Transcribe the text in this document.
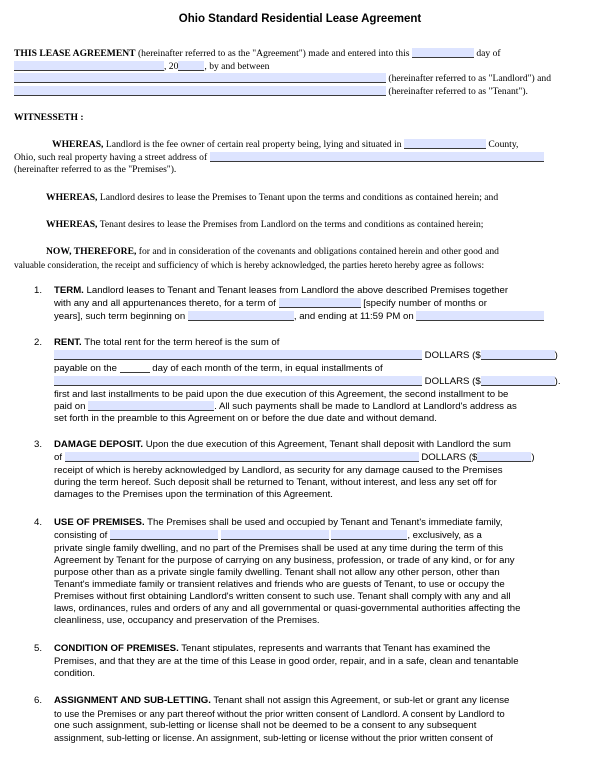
Ohio Standard Residential Lease Agreement
THIS LEASE AGREEMENT (hereinafter referred to as the "Agreement") made and entered into this	day of
, 20	, by and between
(hereinafter referred to as "Landlord") and
(hereinafter referred to as "Tenant").
WITNESSETH :
WHEREAS, Landlord is the fee owner of certain real property being, lying and situated in	County,
Ohio, such real property having a street address of
(hereinafter referred to as the "Premises").
WHEREAS, Landlord desires to lease the Premises to Tenant upon the terms and conditions as contained herein; and
WHEREAS, Tenant desires to lease the Premises from Landlord on the terms and conditions as contained herein;
NOW, THEREFORE, for and in consideration of the covenants and obligations contained herein and other good and
valuable consideration, the receipt and sufficiency of which is hereby acknowledged, the parties hereto hereby agree as follows:
1. TERM. Landlord leases to Tenant and Tenant leases from Landlord the above described Premises together
with any and all appurtenances thereto, for a term of	[specify number of months or
years], such term beginning on	, and ending at 11:59 PM on
2. RENT. The total rent for the term hereof is the sum of
DOLLARS ($	)
payable on the	day of each month of the term, in equal installments of
DOLLARS ($	).
first and last installments to be paid upon the due execution of this Agreement, the second installment to be
paid on	. All such payments shall be made to Landlord at Landlord's address as
set forth in the preamble to this Agreement on or before the due date and without demand.
3. DAMAGE DEPOSIT. Upon the due execution of this Agreement, Tenant shall deposit with Landlord the sum
of	DOLLARS ($	)
receipt of which is hereby acknowledged by Landlord, as security for any damage caused to the Premises
during the term hereof. Such deposit shall be returned to Tenant, without interest, and less any set off for
damages to the Premises upon the termination of this Agreement.
4. USE OF PREMISES. The Premises shall be used and occupied by Tenant and Tenant's immediate family,
consisting of	, exclusively, as a
private single family dwelling, and no part of the Premises shall be used at any time during the term of this
Agreement by Tenant for the purpose of carrying on any business, profession, or trade of any kind, or for any
purpose other than as a private single family dwelling. Tenant shall not allow any other person, other than
Tenant's immediate family or transient relatives and friends who are guests of Tenant, to use or occupy the
Premises without first obtaining Landlord's written consent to such use. Tenant shall comply with any and all
laws, ordinances, rules and orders of any and all governmental or quasi-governmental authorities affecting the
cleanliness, use, occupancy and preservation of the Premises.
5. CONDITION OF PREMISES. Tenant stipulates, represents and warrants that Tenant has examined the
Premises, and that they are at the time of this Lease in good order, repair, and in a safe, clean and tenantable
condition.
6. ASSIGNMENT AND SUB-LETTING. Tenant shall not assign this Agreement, or sub-let or grant any license
to use the Premises or any part thereof without the prior written consent of Landlord. A consent by Landlord to
one such assignment, sub-letting or license shall not be deemed to be a consent to any subsequent
assignment, sub-letting or license. An assignment, sub-letting or license without the prior written consent of
